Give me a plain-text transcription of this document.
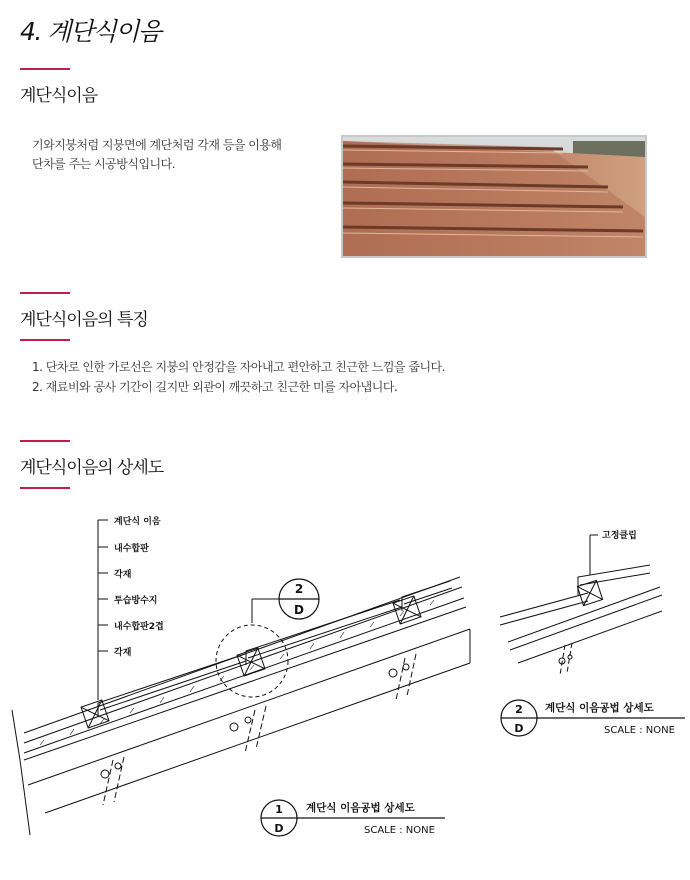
4. 계단식이음
계단식이음
기와지붕처럼 지붕면에 계단처럼 각재 등을 이용해
단차를 주는 시공방식입니다.
계단식이음의 특징
1. 단차로 인한 가로선은 지붕의 안정감을 자아내고 편안하고 친근한 느낌을 줍니다.
2. 재료비와 공사 기간이 길지만 외관이 깨끗하고 친근한 미를 자아냅니다.
계단식이음의 상세도
2
D
계단식 이음
내수합판
각재
투습방수지
내수합판2겹
각재
고정클립
2
D
계단식 이음공법 상세도
SCALE : NONE
1
D
계단식 이음공법 상세도
SCALE : NONE
